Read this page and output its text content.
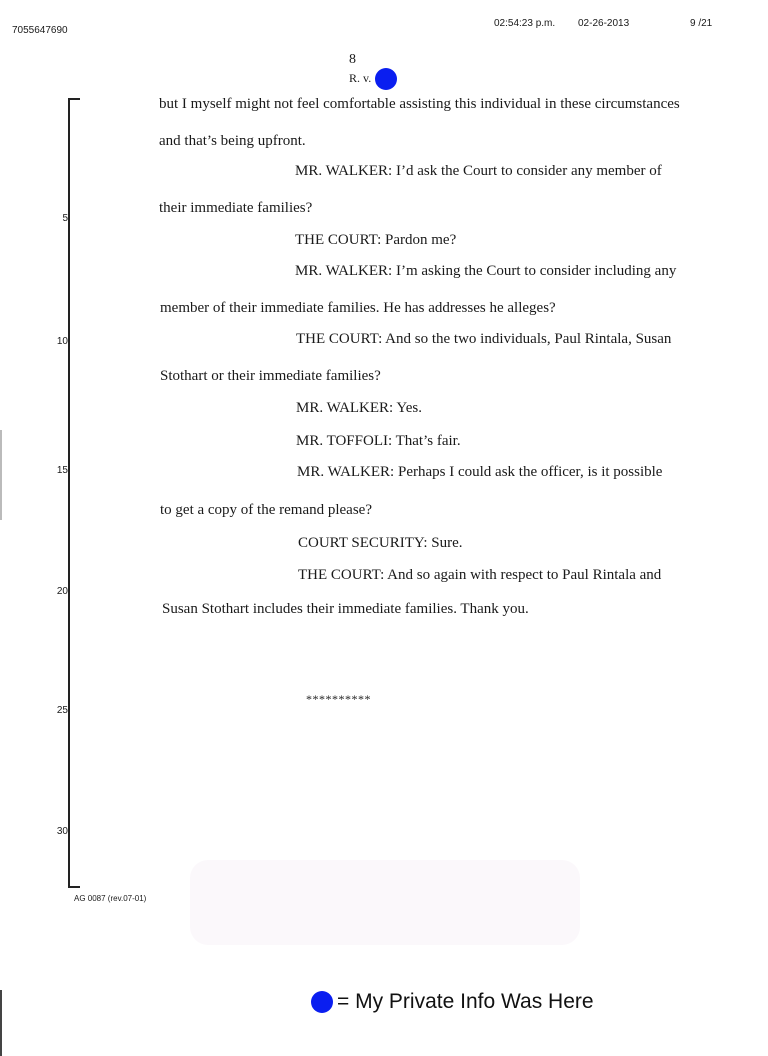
7055647690
02:54:23 p.m. 02-26-2013	9 /21
8
R. v.
5
10
15
20
25
30
but I myself might not feel comfortable assisting this individual in these circumstances
and that’s being upfront.
MR. WALKER: I’d ask the Court to consider any member of
their immediate families?
THE COURT: Pardon me?
MR. WALKER: I’m asking the Court to consider including any
member of their immediate families. He has addresses he alleges?
THE COURT: And so the two individuals, Paul Rintala, Susan
Stothart or their immediate families?
MR. WALKER: Yes.
MR. TOFFOLI: That’s fair.
MR. WALKER: Perhaps I could ask the officer, is it possible
to get a copy of the remand please?
COURT SECURITY: Sure.
THE COURT: And so again with respect to Paul Rintala and
Susan Stothart includes their immediate families. Thank you.
**********
AG 0087 (rev.07-01)
= My Private Info Was Here
